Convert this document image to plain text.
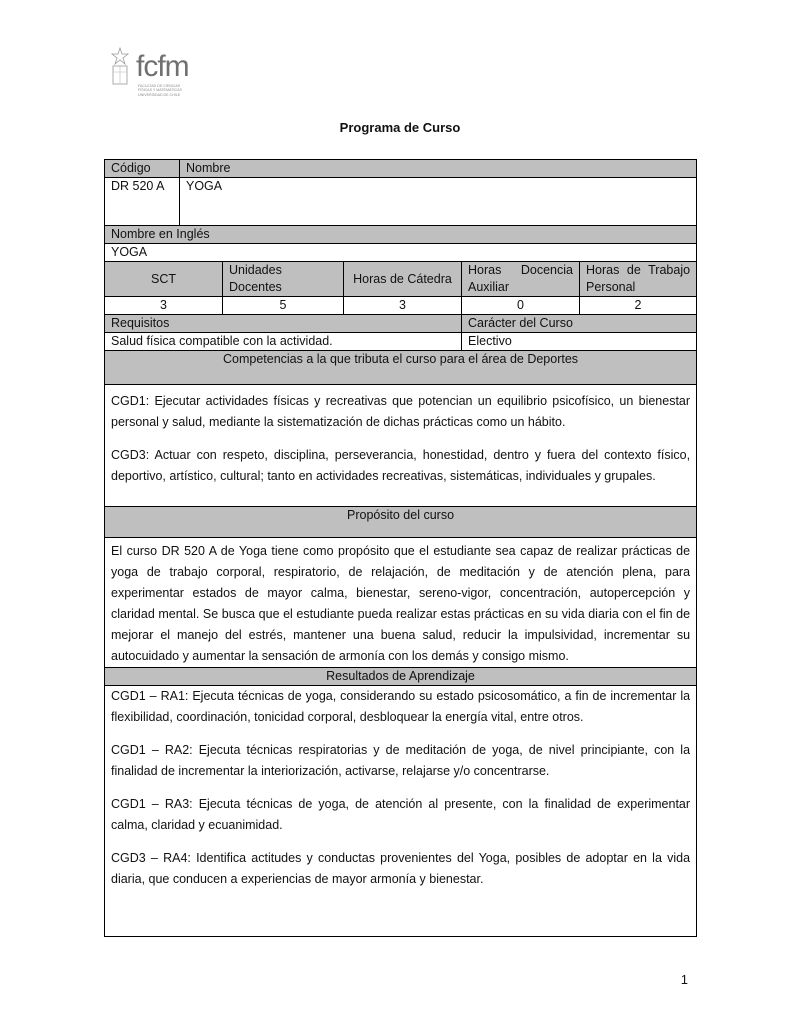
fcfm
FACULTAD DE CIENCIAS
FÍSICAS Y MATEMÁTICAS
UNIVERSIDAD DE CHILE
Programa de Curso
Código	Nombre				
DR 520 A	YOGA				
Nombre en Inglés					
YOGA					
SCT		Unidades Docentes	Horas de Cátedra	Horas Docencia Auxiliar	Horas de Trabajo Personal
3		5	3	0	2
Requisitos				Carácter del Curso	
Salud física compatible con la actividad.				Electivo	
Competencias a la que tributa el curso para el área de Deportes					

CGD1: Ejecutar actividades físicas y recreativas que potencian un equilibrio psicofísico, un bienestar personal y salud, mediante la sistematización de dichas prácticas como un hábito.

CGD3: Actuar con respeto, disciplina, perseverancia, honestidad, dentro y fuera del contexto físico, deportivo, artístico, cultural; tanto en actividades recreativas, sistemáticas, individuales y grupales.					

Propósito del curso					
El curso DR 520 A de Yoga tiene como propósito que el estudiante sea capaz de realizar prácticas de yoga de trabajo corporal, respiratorio, de relajación, de meditación y de atención plena, para experimentar estados de mayor calma, bienestar, sereno-vigor, concentración, autopercepción y claridad mental. Se busca que el estudiante pueda realizar estas prácticas en su vida diaria con el fin de mejorar el manejo del estrés, mantener una buena salud, reducir la impulsividad, incrementar su autocuidado y aumentar la sensación de armonía con los demás y consigo mismo.					
Resultados de Aprendizaje					

CGD1 – RA1: Ejecuta técnicas de yoga, considerando su estado psicosomático, a fin de incrementar la flexibilidad, coordinación, tonicidad corporal, desbloquear la energía vital, entre otros.

CGD1 – RA2: Ejecuta técnicas respiratorias y de meditación de yoga, de nivel principiante, con la finalidad de incrementar la interiorización, activarse, relajarse y/o concentrarse.

CGD1 – RA3: Ejecuta técnicas de yoga, de atención al presente, con la finalidad de experimentar calma, claridad y ecuanimidad.

CGD3 – RA4: Identifica actitudes y conductas provenientes del Yoga, posibles de adoptar en la vida diaria, que conducen a experiencias de mayor armonía y bienestar.					

1
